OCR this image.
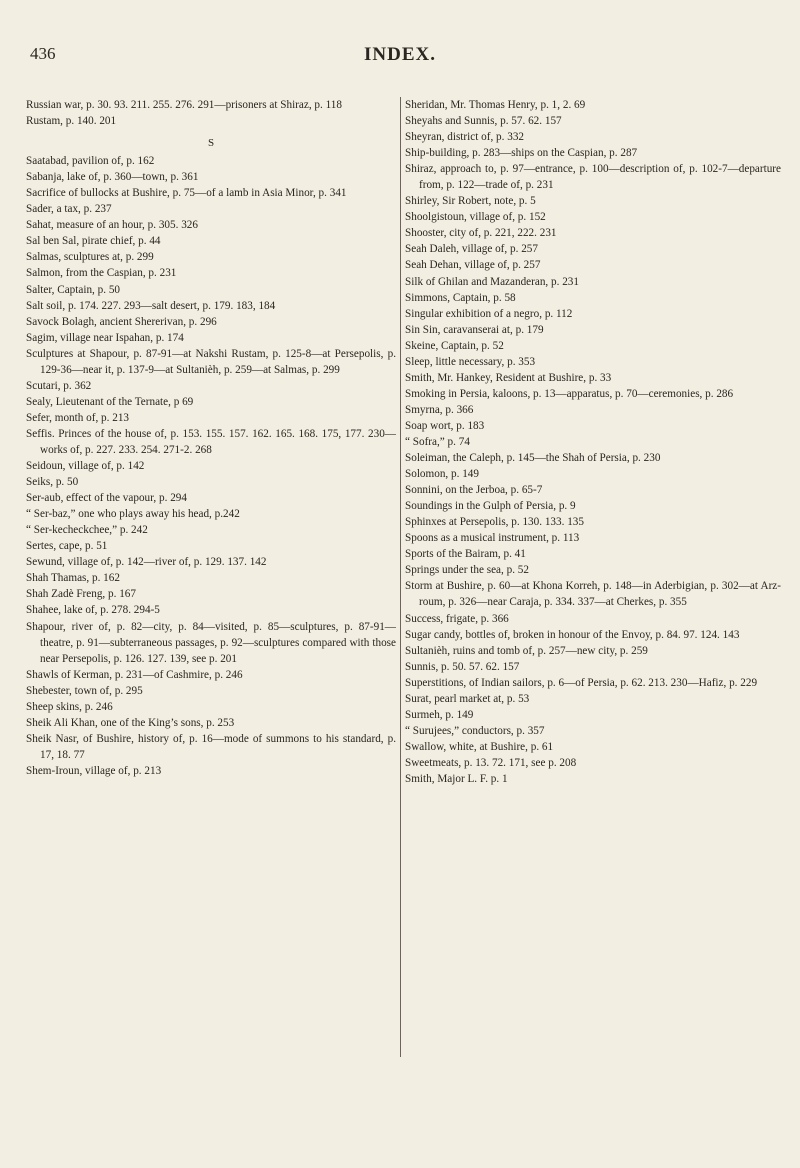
436	INDEX.
Russian war, p. 30. 93. 211. 255. 276. 291—prisoners at Shiraz, p. 118
Rustam, p. 140. 201
S
Saatabad, pavilion of, p. 162
Sabanja, lake of, p. 360—town, p. 361
Sacrifice of bullocks at Bushire, p. 75—of a lamb in Asia Minor, p. 341
Sader, a tax, p. 237
Sahat, measure of an hour, p. 305. 326
Sal ben Sal, pirate chief, p. 44
Salmas, sculptures at, p. 299
Salmon, from the Caspian, p. 231
Salter, Captain, p. 50
Salt soil, p. 174. 227. 293—salt desert, p. 179. 183, 184
Savock Bolagh, ancient Shererivan, p. 296
Sagim, village near Ispahan, p. 174
Sculptures at Shapour, p. 87-91—at Nakshi Rustam, p. 125-8—at Persepolis, p. 129-36—near it, p. 137-9—at Sultanièh, p. 259—at Salmas, p. 299
Scutari, p. 362
Sealy, Lieutenant of the Ternate, p 69
Sefer, month of, p. 213
Seffis. Princes of the house of, p. 153. 155. 157. 162. 165. 168. 175, 177. 230—works of, p. 227. 233. 254. 271-2. 268
Seidoun, village of, p. 142
Seiks, p. 50
Ser-aub, effect of the vapour, p. 294
“ Ser-baz,” one who plays away his head, p.242
“ Ser-kecheckchee,” p. 242
Sertes, cape, p. 51
Sewund, village of, p. 142—river of, p. 129. 137. 142
Shah Thamas, p. 162
Shah Zadè Freng, p. 167
Shahee, lake of, p. 278. 294-5
Shapour, river of, p. 82—city, p. 84—visited, p. 85—sculptures, p. 87-91—theatre, p. 91—subterraneous passages, p. 92—sculptures compared with those near Persepolis, p. 126. 127. 139, see p. 201
Shawls of Kerman, p. 231—of Cashmire, p. 246
Shebester, town of, p. 295
Sheep skins, p. 246
Sheik Ali Khan, one of the King’s sons, p. 253
Sheik Nasr, of Bushire, history of, p. 16—mode of summons to his standard, p. 17, 18. 77
Shem-Iroun, village of, p. 213
Sheridan, Mr. Thomas Henry, p. 1, 2. 69
Sheyahs and Sunnis, p. 57. 62. 157
Sheyran, district of, p. 332
Ship-building, p. 283—ships on the Caspian, p. 287
Shiraz, approach to, p. 97—entrance, p. 100—description of, p. 102-7—departure from, p. 122—trade of, p. 231
Shirley, Sir Robert, note, p. 5
Shoolgistoun, village of, p. 152
Shooster, city of, p. 221, 222. 231
Seah Daleh, village of, p. 257
Seah Dehan, village of, p. 257
Silk of Ghilan and Mazanderan, p. 231
Simmons, Captain, p. 58
Singular exhibition of a negro, p. 112
Sin Sin, caravanserai at, p. 179
Skeine, Captain, p. 52
Sleep, little necessary, p. 353
Smith, Mr. Hankey, Resident at Bushire, p. 33
Smoking in Persia, kaloons, p. 13—apparatus, p. 70—ceremonies, p. 286
Smyrna, p. 366
Soap wort, p. 183
“ Sofra,” p. 74
Soleiman, the Caleph, p. 145—the Shah of Persia, p. 230
Solomon, p. 149
Sonnini, on the Jerboa, p. 65-7
Soundings in the Gulph of Persia, p. 9
Sphinxes at Persepolis, p. 130. 133. 135
Spoons as a musical instrument, p. 113
Sports of the Bairam, p. 41
Springs under the sea, p. 52
Storm at Bushire, p. 60—at Khona Korreh, p. 148—in Aderbigian, p. 302—at Arz-roum, p. 326—near Caraja, p. 334. 337—at Cherkes, p. 355
Success, frigate, p. 366
Sugar candy, bottles of, broken in honour of the Envoy, p. 84. 97. 124. 143
Sultanièh, ruins and tomb of, p. 257—new city, p. 259
Sunnis, p. 50. 57. 62. 157
Superstitions, of Indian sailors, p. 6—of Persia, p. 62. 213. 230—Hafiz, p. 229
Surat, pearl market at, p. 53
Surmeh, p. 149
“ Surujees,” conductors, p. 357
Swallow, white, at Bushire, p. 61
Sweetmeats, p. 13. 72. 171, see p. 208
Smith, Major L. F. p. 1
